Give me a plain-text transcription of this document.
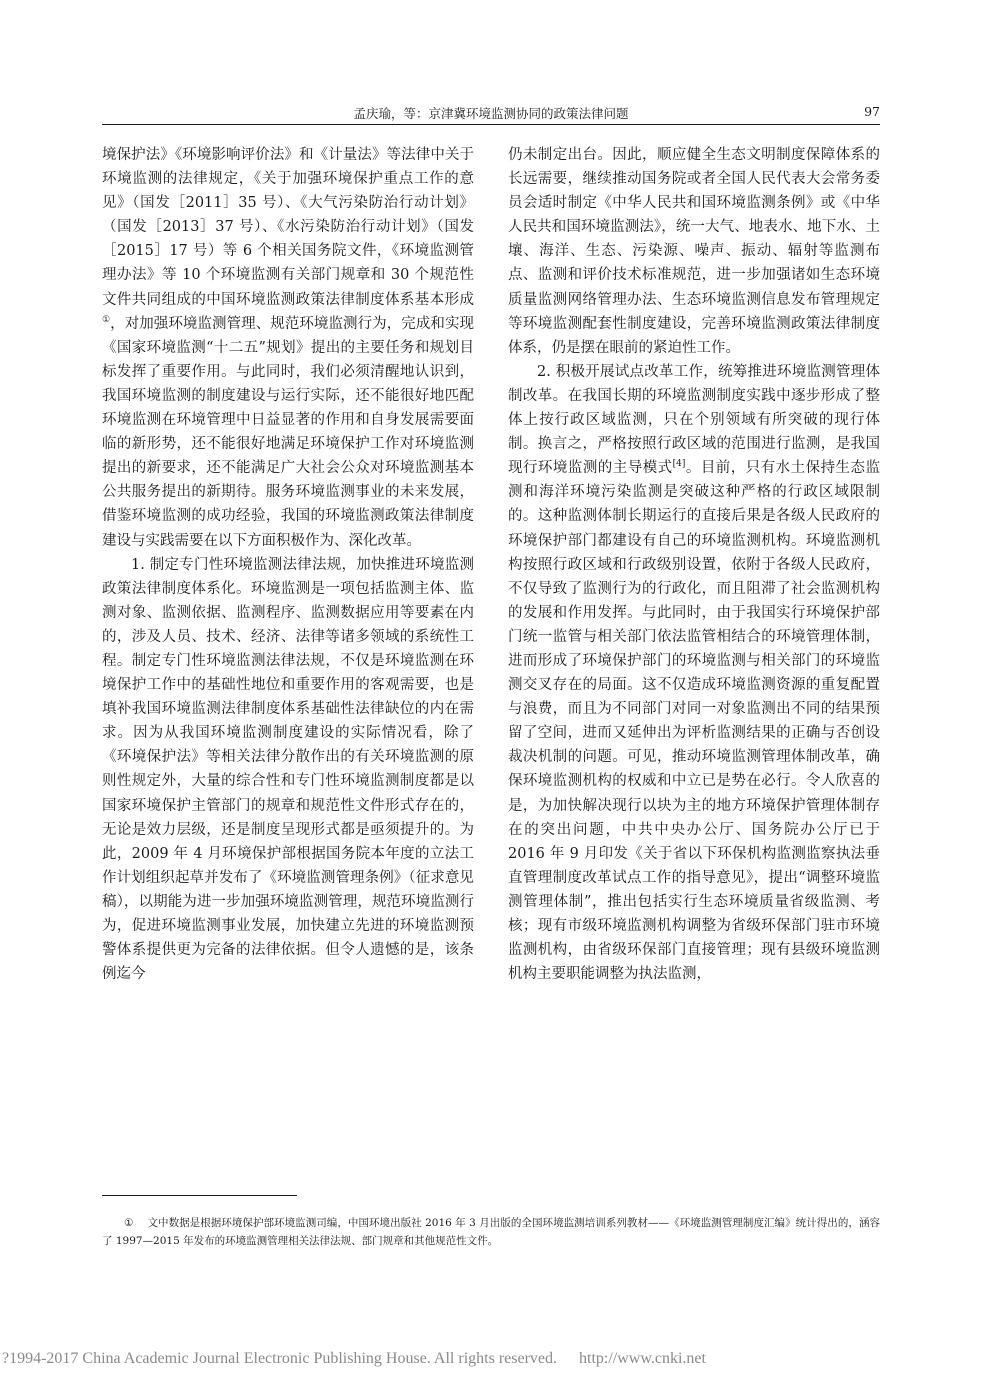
孟庆瑜，等：京津冀环境监测协同的政策法律问题	97

境保护法》《环境影响评价法》和《计量法》等法律中关于环境监测的法律规定，《关于加强环境保护重点工作的意见》（国发［2011］35 号）、《大气污染防治行动计划》（国发［2013］37 号）、《水污染防治行动计划》（国发［2015］17 号）等 6 个相关国务院文件，《环境监测管理办法》等 10 个环境监测有关部门规章和 30 个规范性文件共同组成的中国环境监测政策法律制度体系基本形成①，对加强环境监测管理、规范环境监测行为，完成和实现《国家环境监测“十二五”规划》提出的主要任务和规划目标发挥了重要作用。与此同时，我们必须清醒地认识到，我国环境监测的制度建设与运行实际，还不能很好地匹配环境监测在环境管理中日益显著的作用和自身发展需要面临的新形势，还不能很好地满足环境保护工作对环境监测提出的新要求，还不能满足广大社会公众对环境监测基本公共服务提出的新期待。服务环境监测事业的未来发展，借鉴环境监测的成功经验，我国的环境监测政策法律制度建设与实践需要在以下方面积极作为、深化改革。

1. 制定专门性环境监测法律法规，加快推进环境监测政策法律制度体系化。环境监测是一项包括监测主体、监测对象、监测依据、监测程序、监测数据应用等要素在内的，涉及人员、技术、经济、法律等诸多领域的系统性工程。制定专门性环境监测法律法规，不仅是环境监测在环境保护工作中的基础性地位和重要作用的客观需要，也是填补我国环境监测法律制度体系基础性法律缺位的内在需求。因为从我国环境监测制度建设的实际情况看，除了《环境保护法》等相关法律分散作出的有关环境监测的原则性规定外，大量的综合性和专门性环境监测制度都是以国家环境保护主管部门的规章和规范性文件形式存在的，无论是效力层级，还是制度呈现形式都是亟须提升的。为此，2009 年 4 月环境保护部根据国务院本年度的立法工作计划组织起草并发布了《环境监测管理条例》（征求意见稿），以期能为进一步加强环境监测管理，规范环境监测行为，促进环境监测事业发展，加快建立先进的环境监测预警体系提供更为完备的法律依据。但令人遗憾的是，该条例迄今

仍未制定出台。因此，顺应健全生态文明制度保障体系的长远需要，继续推动国务院或者全国人民代表大会常务委员会适时制定《中华人民共和国环境监测条例》或《中华人民共和国环境监测法》，统一大气、地表水、地下水、土壤、海洋、生态、污染源、噪声、振动、辐射等监测布点、监测和评价技术标准规范，进一步加强诸如生态环境质量监测网络管理办法、生态环境监测信息发布管理规定等环境监测配套性制度建设，完善环境监测政策法律制度体系，仍是摆在眼前的紧迫性工作。

2. 积极开展试点改革工作，统筹推进环境监测管理体制改革。在我国长期的环境监测制度实践中逐步形成了整体上按行政区域监测，只在个别领域有所突破的现行体制。换言之，严格按照行政区域的范围进行监测，是我国现行环境监测的主导模式[4]。目前，只有水土保持生态监测和海洋环境污染监测是突破这种严格的行政区域限制的。这种监测体制长期运行的直接后果是各级人民政府的环境保护部门都建设有自己的环境监测机构。环境监测机构按照行政区域和行政级别设置，依附于各级人民政府，不仅导致了监测行为的行政化，而且阻滞了社会监测机构的发展和作用发挥。与此同时，由于我国实行环境保护部门统一监管与相关部门依法监管相结合的环境管理体制，进而形成了环境保护部门的环境监测与相关部门的环境监测交叉存在的局面。这不仅造成环境监测资源的重复配置与浪费，而且为不同部门对同一对象监测出不同的结果预留了空间，进而又延伸出为评析监测结果的正确与否创设裁决机制的问题。可见，推动环境监测管理体制改革，确保环境监测机构的权威和中立已是势在必行。令人欣喜的是，为加快解决现行以块为主的地方环境保护管理体制存在的突出问题，中共中央办公厅、国务院办公厅已于 2016 年 9 月印发《关于省以下环保机构监测监察执法垂直管理制度改革试点工作的指导意见》，提出“调整环境监测管理体制”，推出包括实行生态环境质量省级监测、考核；现有市级环境监测机构调整为省级环保部门驻市环境监测机构，由省级环保部门直接管理；现有县级环境监测机构主要职能调整为执法监测，

① 文中数据是根据环境保护部环境监测司编，中国环境出版社 2016 年 3 月出版的全国环境监测培训系列教材——《环境监测管理制度汇编》统计得出的，涵容了 1997—2015 年发布的环境监测管理相关法律法规、部门规章和其他规范性文件。
?1994-2017 China Academic Journal Electronic Publishing House. All rights reserved. http://www.cnki.net
